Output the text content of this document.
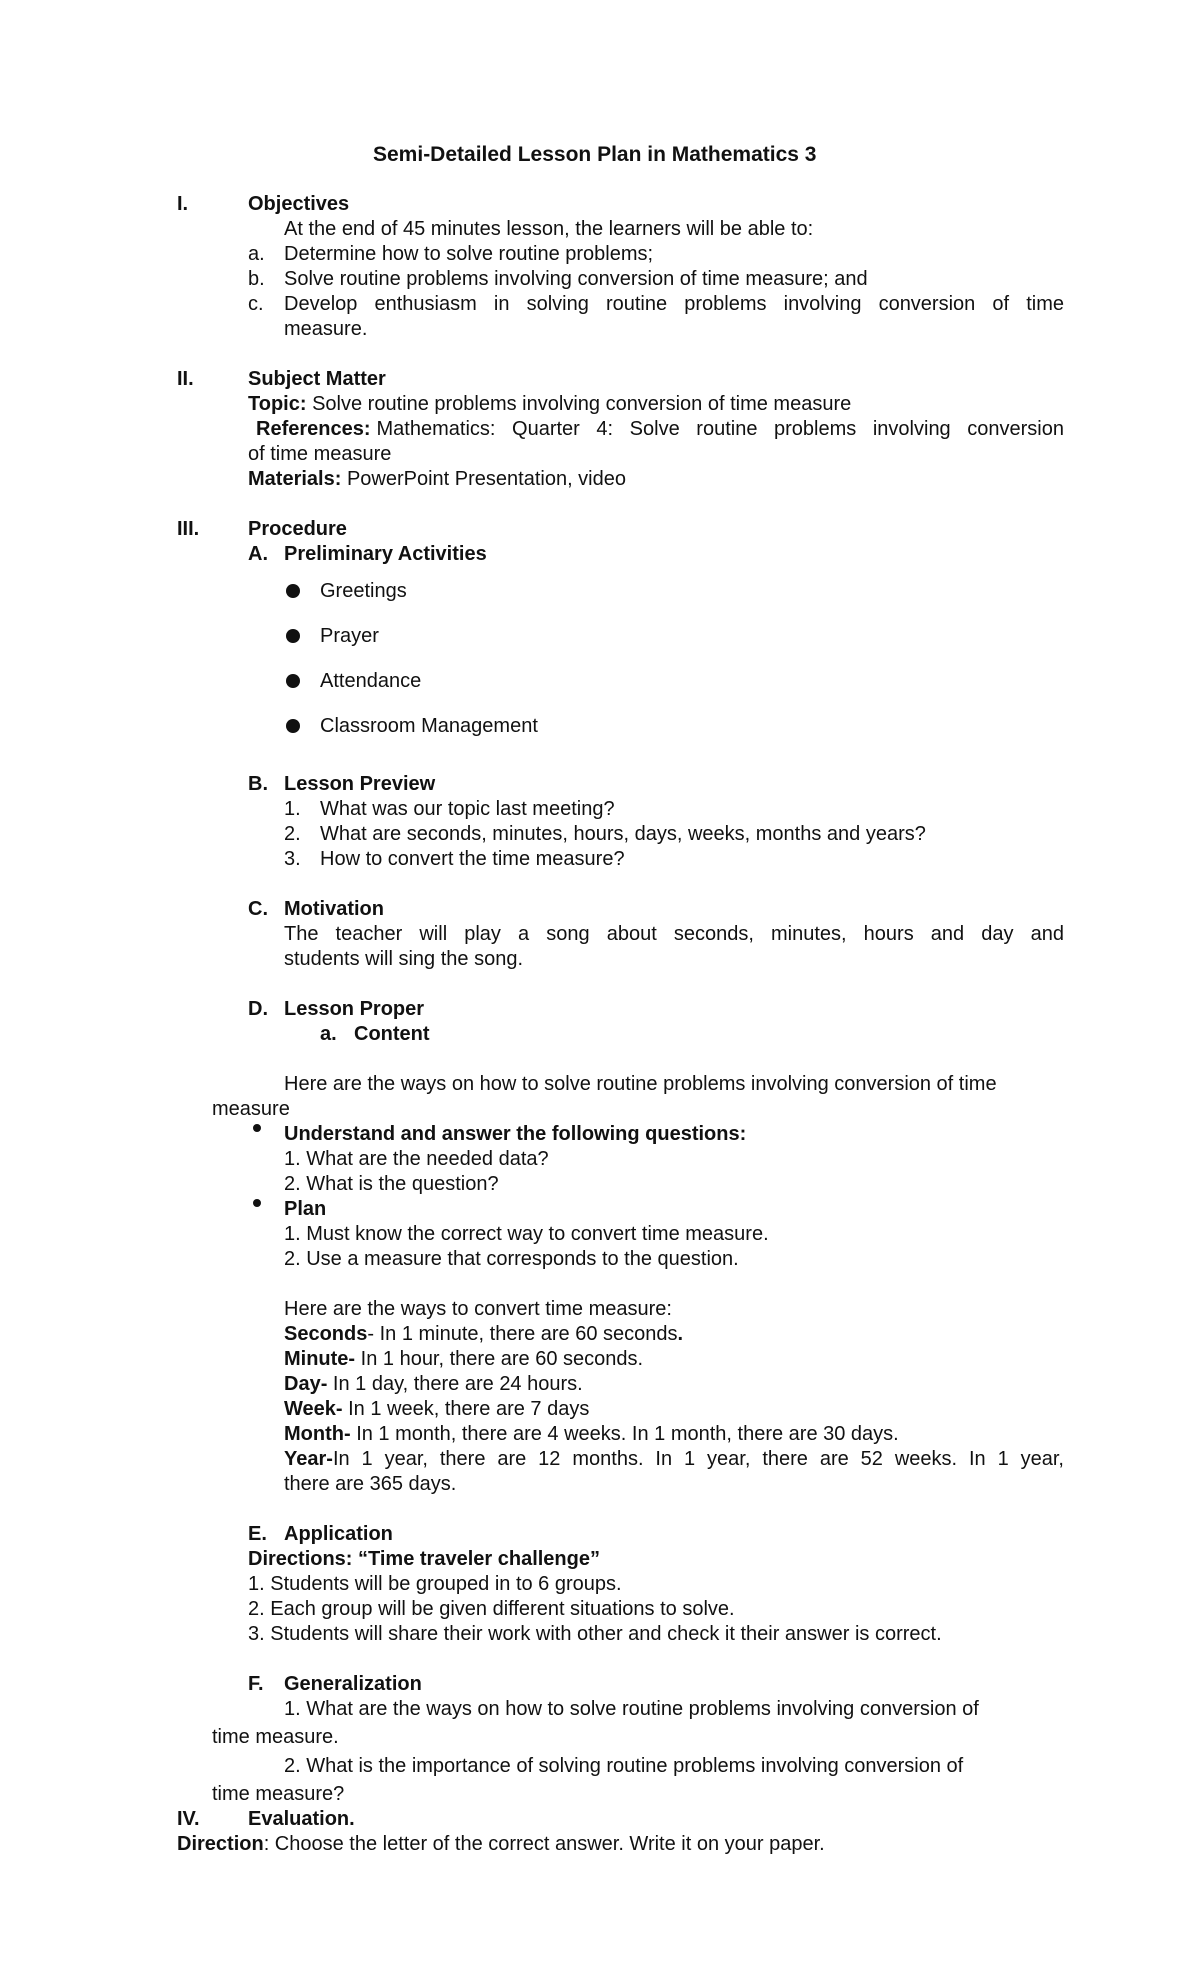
Semi-Detailed Lesson Plan in Mathematics 3
I.	Objectives
At the end of 45 minutes lesson, the learners will be able to:
a. Determine how to solve routine problems;
b. Solve routine problems involving conversion of time measure; and
c. Develop enthusiasm in solving routine problems involving conversion of time
measure.
II.	Subject Matter
Topic: Solve routine problems involving conversion of time measure
References: Mathematics: Quarter 4: Solve routine problems involving conversion
of time measure
Materials: PowerPoint Presentation, video
III. Procedure
A. Preliminary Activities
Greetings
Prayer
Attendance
Classroom Management
B. Lesson Preview
1. What was our topic last meeting?
2. What are seconds, minutes, hours, days, weeks, months and years?
3. How to convert the time measure?
C. Motivation
The teacher will play a song about seconds, minutes, hours and day and
students will sing the song.
D. Lesson Proper
a. Content
Here are the ways on how to solve routine problems involving conversion of time
measure
Understand and answer the following questions:
1. What are the needed data?
2. What is the question?
Plan
1. Must know the correct way to convert time measure.
2. Use a measure that corresponds to the question.
Here are the ways to convert time measure:
Seconds- In 1 minute, there are 60 seconds.
Minute- In 1 hour, there are 60 seconds.
Day- In 1 day, there are 24 hours.
Week- In 1 week, there are 7 days
Month- In 1 month, there are 4 weeks. In 1 month, there are 30 days.
Year- In 1 year, there are 12 months. In 1 year, there are 52 weeks. In 1 year,
there are 365 days.
E. Application
Directions: “Time traveler challenge”
1. Students will be grouped in to 6 groups.
2. Each group will be given different situations to solve.
3. Students will share their work with other and check it their answer is correct.
F. Generalization
1. What are the ways on how to solve routine problems involving conversion of
time measure.
2. What is the importance of solving routine problems involving conversion of
time measure?
IV. Evaluation.
Direction: Choose the letter of the correct answer. Write it on your paper.
